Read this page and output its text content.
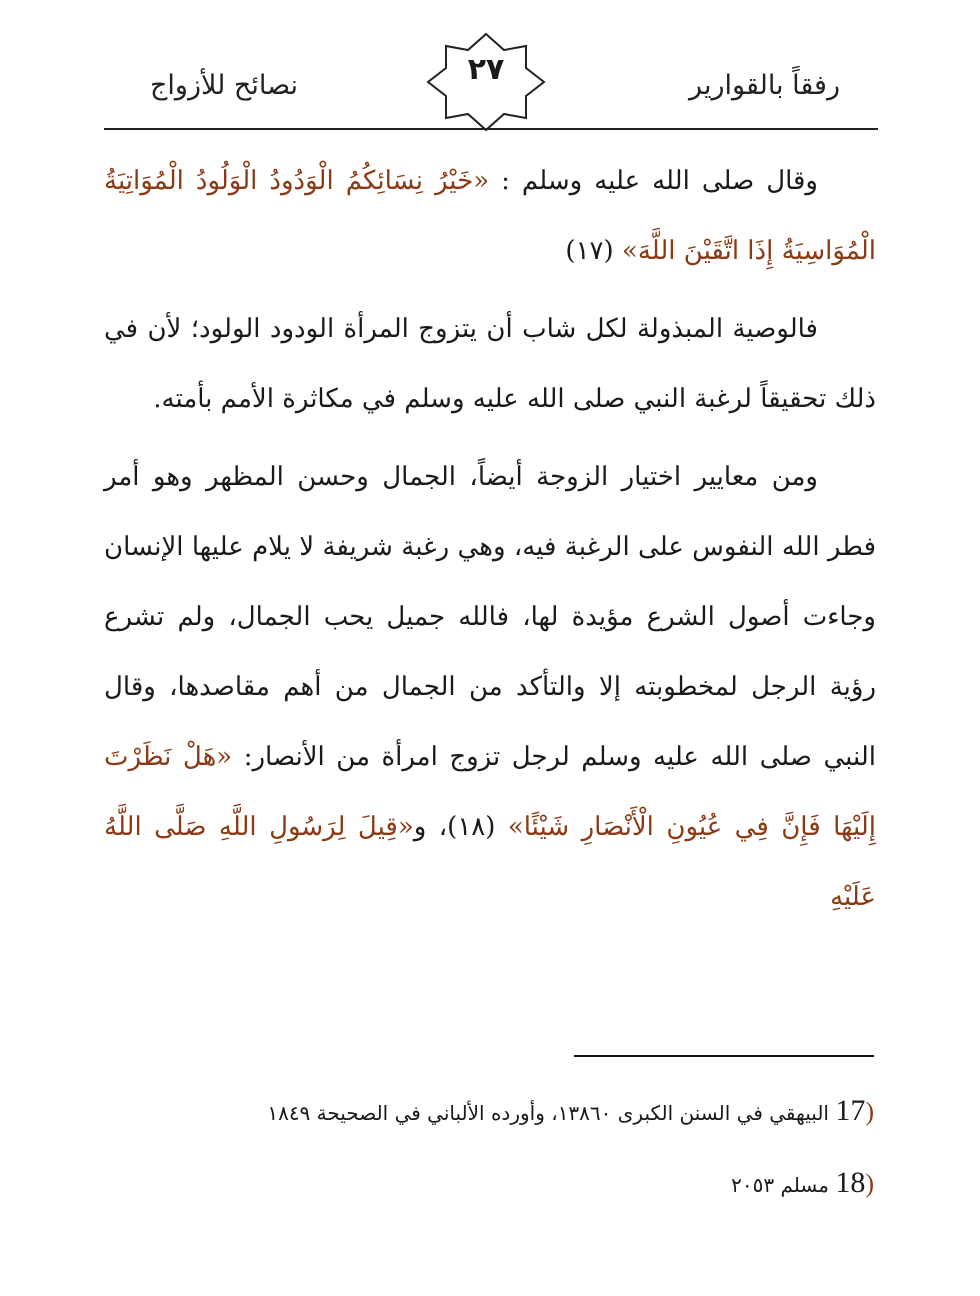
رفقاً بالقوارير
٢٧
نصائح للأزواج

وقال صلى الله عليه وسلم : «خَيْرُ نِسَائِكُمُ الْوَدُودُ الْوَلُودُ الْمُوَاتِيَةُ الْمُوَاسِيَةُ إِذَا اتَّقَيْنَ اللَّهَ» (١٧)

فالوصية المبذولة لكل شاب أن يتزوج المرأة الودود الولود؛ لأن في ذلك تحقيقاً لرغبة النبي صلى الله عليه وسلم في مكاثرة الأمم بأمته.

ومن معايير اختيار الزوجة أيضاً، الجمال وحسن المظهر وهو أمر فطر الله النفوس على الرغبة فيه، وهي رغبة شريفة لا يلام عليها الإنسان وجاءت أصول الشرع مؤيدة لها، فالله جميل يحب الجمال، ولم تشرع رؤية الرجل لمخطوبته إلا والتأكد من الجمال من أهم مقاصدها، وقال النبي صلى الله عليه وسلم لرجل تزوج امرأة من الأنصار: «هَلْ نَظَرْتَ إِلَيْهَا فَإِنَّ فِي عُيُونِ الْأَنْصَارِ شَيْئًا» (١٨)، و«قِيلَ لِرَسُولِ اللَّهِ صَلَّى اللَّهُ عَلَيْهِ

(17 البيهقي في السنن الكبرى ١٣٨٦٠، وأورده الألباني في الصحيحة ١٨٤٩
(18 مسلم ٢٠٥٣
